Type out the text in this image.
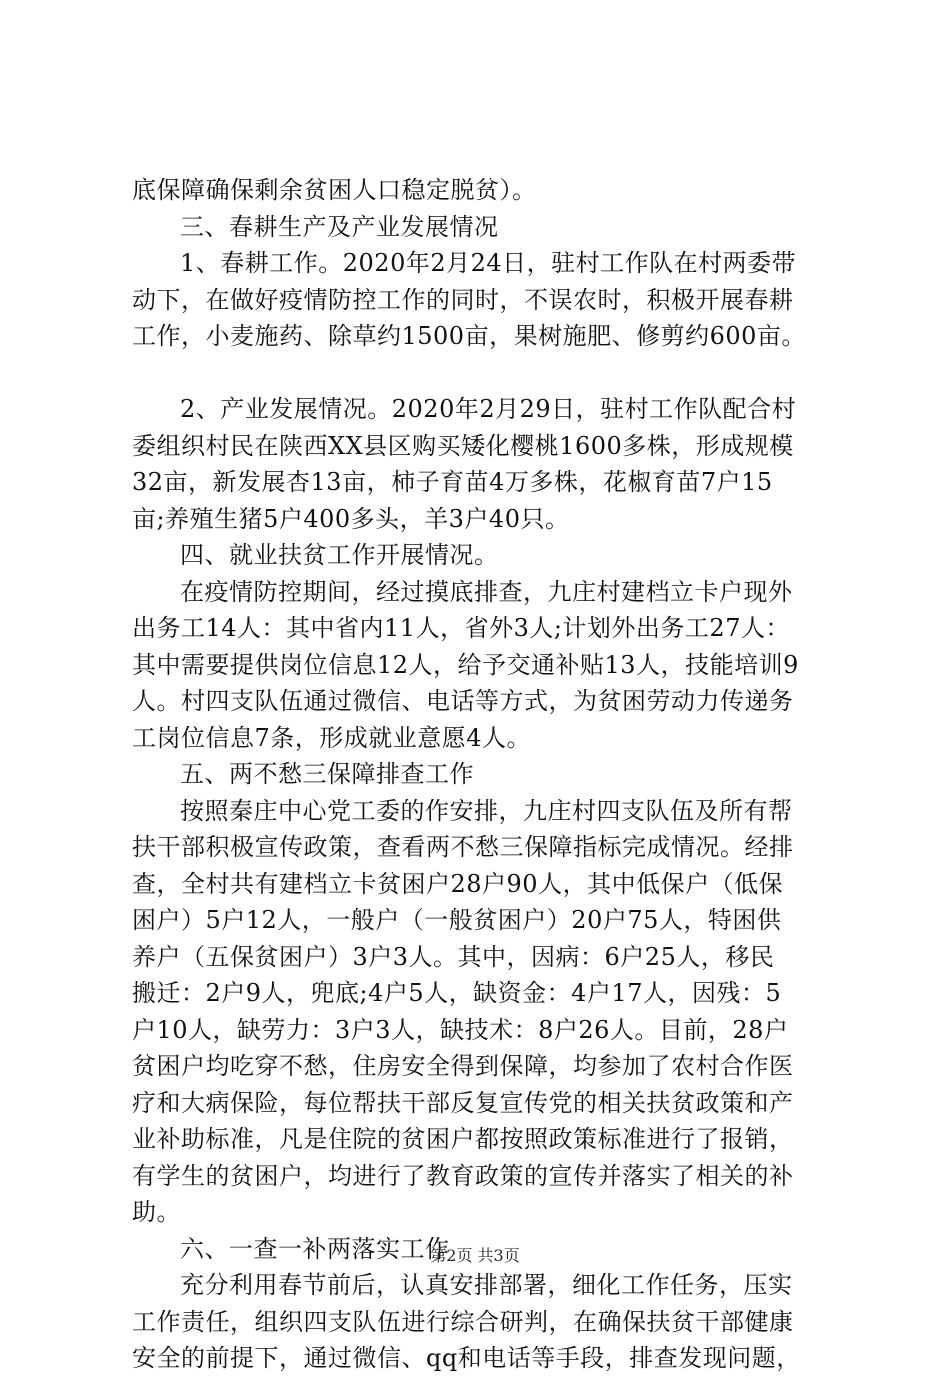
底保障确保剩余贫困人口稳定脱贫）。
三、春耕生产及产业发展情况
1、春耕工作。2020年2月24日，驻村工作队在村两委带
动下，在做好疫情防控工作的同时，不误农时，积极开展春耕
工作，小麦施药、除草约1500亩，果树施肥、修剪约600亩。
2、产业发展情况。2020年2月29日，驻村工作队配合村
委组织村民在陕西XX县区购买矮化樱桃1600多株，形成规模
32亩，新发展杏13亩，柿子育苗4万多株，花椒育苗7户15
亩;养殖生猪5户400多头，羊3户40只。
四、就业扶贫工作开展情况。
在疫情防控期间，经过摸底排查，九庄村建档立卡户现外
出务工14人：其中省内11人，省外3人;计划外出务工27人：
其中需要提供岗位信息12人，给予交通补贴13人，技能培训9
人。村四支队伍通过微信、电话等方式，为贫困劳动力传递务
工岗位信息7条，形成就业意愿4人。
五、两不愁三保障排查工作
按照秦庄中心党工委的作安排，九庄村四支队伍及所有帮
扶干部积极宣传政策，查看两不愁三保障指标完成情况。经排
查，全村共有建档立卡贫困户28户90人，其中低保户（低保
困户）5户12人，一般户（一般贫困户）20户75人，特困供
养户（五保贫困户）3户3人。其中，因病：6户25人，移民
搬迁：2户9人，兜底;4户5人，缺资金：4户17人，因残：5
户10人，缺劳力：3户3人，缺技术：8户26人。目前，28户
贫困户均吃穿不愁，住房安全得到保障，均参加了农村合作医
疗和大病保险，每位帮扶干部反复宣传党的相关扶贫政策和产
业补助标准，凡是住院的贫困户都按照政策标准进行了报销，
有学生的贫困户，均进行了教育政策的宣传并落实了相关的补
助。
六、一查一补两落实工作
充分利用春节前后，认真安排部署，细化工作任务，压实
工作责任，组织四支队伍进行综合研判，在确保扶贫干部健康
安全的前提下，通过微信、qq和电话等手段，排查发现问题，
第2页 共3页
